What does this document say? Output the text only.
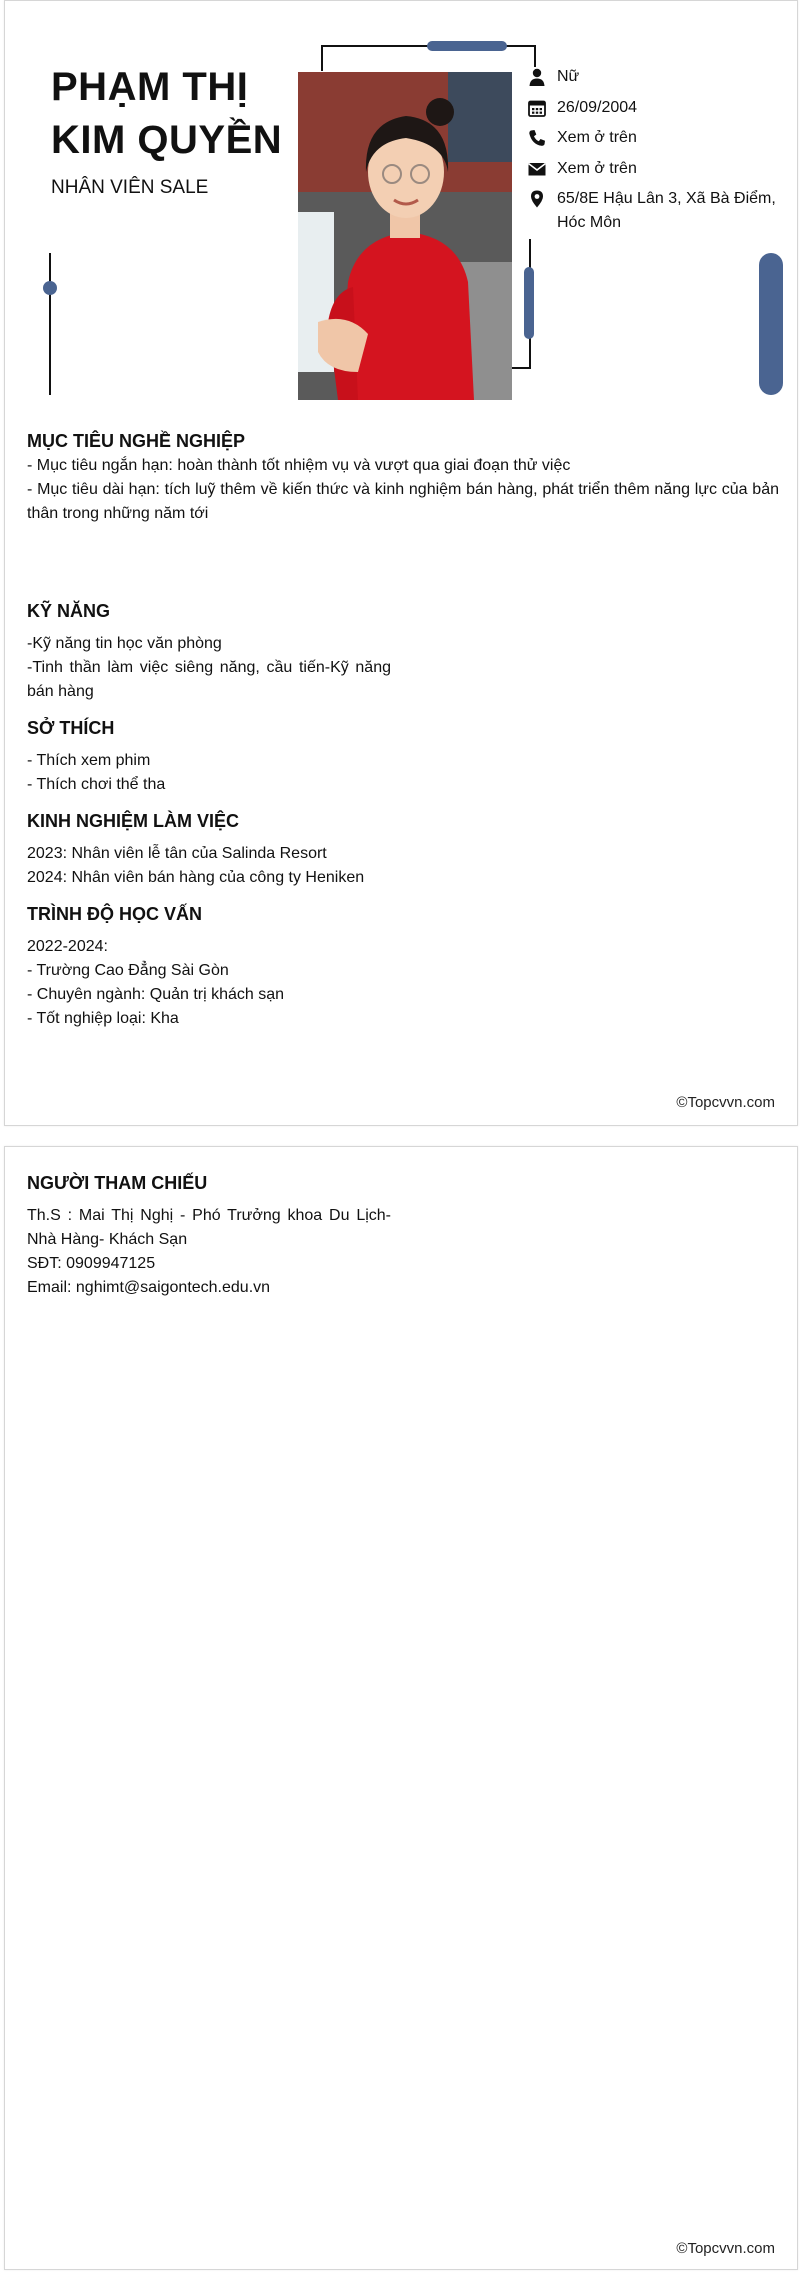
PHẠM THỊ
KIM QUYỀN
NHÂN VIÊN SALE
Nữ
26/09/2004
Xem ở trên
Xem ở trên
65/8E Hậu Lân 3, Xã Bà Điểm, Hóc Môn
MỤC TIÊU NGHỀ NGHIỆP
- Mục tiêu ngắn hạn: hoàn thành tốt nhiệm vụ và vượt qua giai đoạn thử việc
- Mục tiêu dài hạn: tích luỹ thêm về kiến thức và kinh nghiệm bán hàng, phát triển thêm năng lực của bản thân trong những năm tới
KỸ NĂNG
-Kỹ năng tin học văn phòng
-Tinh thần làm việc siêng năng, cầu tiến-Kỹ năng bán hàng
SỞ THÍCH
- Thích xem phim
- Thích chơi thể tha
KINH NGHIỆM LÀM VIỆC
2023: Nhân viên lễ tân của Salinda Resort
2024: Nhân viên bán hàng của công ty Heniken
TRÌNH ĐỘ HỌC VẤN
2022-2024:
- Trường Cao Đẳng Sài Gòn
- Chuyên ngành: Quản trị khách sạn
- Tốt nghiệp loại: Kha
©Topcvvn.com
NGƯỜI THAM CHIẾU
Th.S : Mai Thị Nghị - Phó Trưởng khoa Du Lịch-Nhà Hàng- Khách Sạn
SĐT: 0909947125
Email: nghimt@saigontech.edu.vn
©Topcvvn.com
